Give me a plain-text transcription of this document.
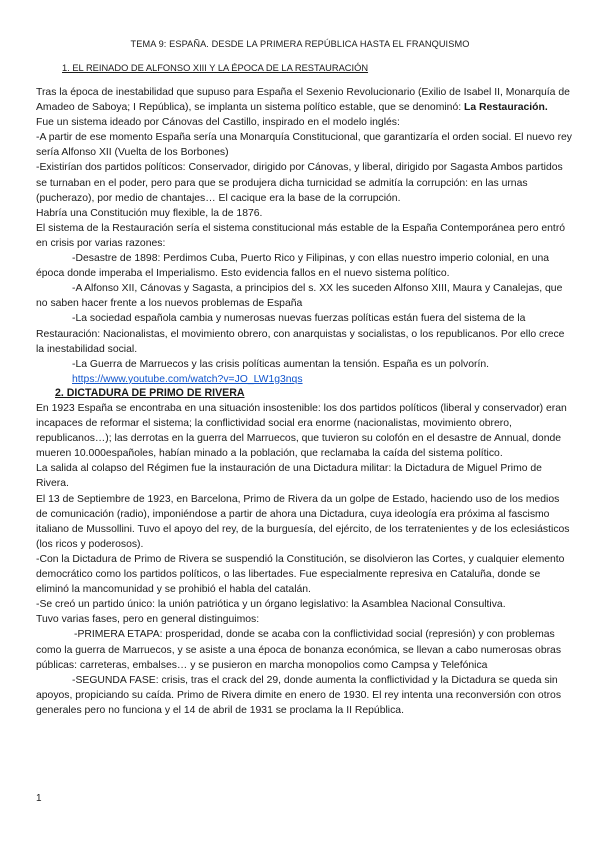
TEMA 9: ESPAÑA. DESDE LA PRIMERA REPÚBLICA HASTA EL FRANQUISMO
1. EL REINADO DE ALFONSO XIII Y LA ÉPOCA DE LA RESTAURACIÓN

Tras la época de inestabilidad que supuso para España el Sexenio Revolucionario (Exilio de Isabel II, Monarquía de Amadeo de Saboya; I República), se implanta un sistema político estable, que se denominó: La Restauración.

Fue un sistema ideado por Cánovas del Castillo, inspirado en el modelo inglés:

-A partir de ese momento España sería una Monarquía Constitucional, que garantizaría el orden social. El nuevo rey sería Alfonso XII (Vuelta de los Borbones)

-Existirían dos partidos políticos: Conservador, dirigido por Cánovas, y liberal, dirigido por Sagasta Ambos partidos se turnaban en el poder, pero para que se produjera dicha turnicidad se admitía la corrupción: en las urnas (pucherazo), por medio de chantajes… El cacique era la base de la corrupción.

Habría una Constitución muy flexible, la de 1876.

El sistema de la Restauración sería el sistema constitucional más estable de la España Contemporánea pero entró en crisis por varias razones:

-Desastre de 1898: Perdimos Cuba, Puerto Rico y Filipinas, y con ellas nuestro imperio colonial, en una época donde imperaba el Imperialismo. Esto evidencia fallos en el nuevo sistema político.

-A Alfonso XII, Cánovas y Sagasta, a principios del s. XX les suceden Alfonso XIII, Maura y Canalejas, que no saben hacer frente a los nuevos problemas de España

-La sociedad española cambia y numerosas nuevas fuerzas políticas están fuera del sistema de la Restauración: Nacionalistas, el movimiento obrero, con anarquistas y socialistas, o los republicanos. Por ello crece la inestabilidad social.

-La Guerra de Marruecos y las crisis políticas aumentan la tensión. España es un polvorín.

https://www.youtube.com/watch?v=JO_LW1g3nqs

2. DICTADURA DE PRIMO DE RIVERA

En 1923 España se encontraba en una situación insostenible: los dos partidos políticos (liberal y conservador) eran incapaces de reformar el sistema; la conflictividad social era enorme (nacionalistas, movimiento obrero, republicanos…); las derrotas en la guerra del Marruecos, que tuvieron su colofón en el desastre de Annual, donde mueren 10.000españoles, habían minado a la población, que reclamaba la caída del sistema político.

La salida al colapso del Régimen fue la instauración de una Dictadura militar: la Dictadura de Miguel Primo de Rivera.

El 13 de Septiembre de 1923, en Barcelona, Primo de Rivera da un golpe de Estado, haciendo uso de los medios de comunicación (radio), imponiéndose a partir de ahora una Dictadura, cuya ideología era próxima al fascismo italiano de Mussollini. Tuvo el apoyo del rey, de la burguesía, del ejército, de los terratenientes y de los eclesiásticos (los ricos y poderosos).

-Con la Dictadura de Primo de Rivera se suspendió la Constitución, se disolvieron las Cortes, y cualquier elemento democrático como los partidos políticos, o las libertades. Fue especialmente represiva en Cataluña, donde se eliminó la mancomunidad y se prohibió el habla del catalán.

-Se creó un partido único: la unión patriótica y un órgano legislativo: la Asamblea Nacional Consultiva.

Tuvo varias fases, pero en general distinguimos:

-PRIMERA ETAPA: prosperidad, donde se acaba con la conflictividad social (represión) y con problemas como la guerra de Marruecos, y se asiste a una época de bonanza económica, se llevan a cabo numerosas obras públicas: carreteras, embalses… y se pusieron en marcha monopolios como Campsa y Telefónica

-SEGUNDA FASE: crisis, tras el crack del 29, donde aumenta la conflictividad y la Dictadura se queda sin apoyos, propiciando su caída. Primo de Rivera dimite en enero de 1930. El rey intenta una reconversión con otros generales pero no funciona y el 14 de abril de 1931 se proclama la II República.

1
